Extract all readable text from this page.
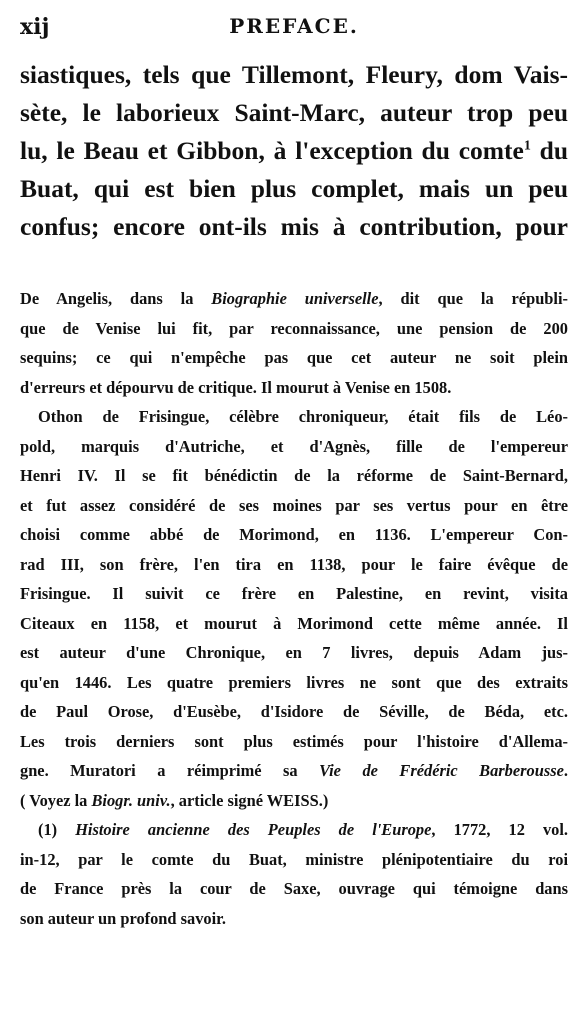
xij	PREFACE.
siastiques, tels que Tillemont, Fleury, dom Vais-
sète, le laborieux Saint-Marc, auteur trop peu
lu, le Beau et Gibbon, à l'exception du comte$^1$ du
Buat, qui est bien plus complet, mais un peu
confus; encore ont-ils mis à contribution, pour
De Angelis, dans la Biographie universelle, dit que la républi-
que de Venise lui fit, par reconnaissance, une pension de 200
sequins; ce qui n'empêche pas que cet auteur ne soit plein
d'erreurs et dépourvu de critique. Il mourut à Venise en 1508.
Othon de Frisingue, célèbre chroniqueur, était fils de Léo-
pold, marquis d'Autriche, et d'Agnès, fille de l'empereur
Henri IV. Il se fit bénédictin de la réforme de Saint-Bernard,
et fut assez considéré de ses moines par ses vertus pour en être
choisi comme abbé de Morimond, en 1136. L'empereur Con-
rad III, son frère, l'en tira en 1138, pour le faire évêque de
Frisingue. Il suivit ce frère en Palestine, en revint, visita
Citeaux en 1158, et mourut à Morimond cette même année. Il
est auteur d'une Chronique, en 7 livres, depuis Adam jus-
qu'en 1446. Les quatre premiers livres ne sont que des extraits
de Paul Orose, d'Eusèbe, d'Isidore de Séville, de Béda, etc.
Les trois derniers sont plus estimés pour l'histoire d'Allema-
gne. Muratori a réimprimé sa Vie de Frédéric Barberousse.
( Voyez la Biogr. univ., article signé WEISS.)
(1) Histoire ancienne des Peuples de l'Europe, 1772, 12 vol.
in-12, par le comte du Buat, ministre plénipotentiaire du roi
de France près la cour de Saxe, ouvrage qui témoigne dans
son auteur un profond savoir.
